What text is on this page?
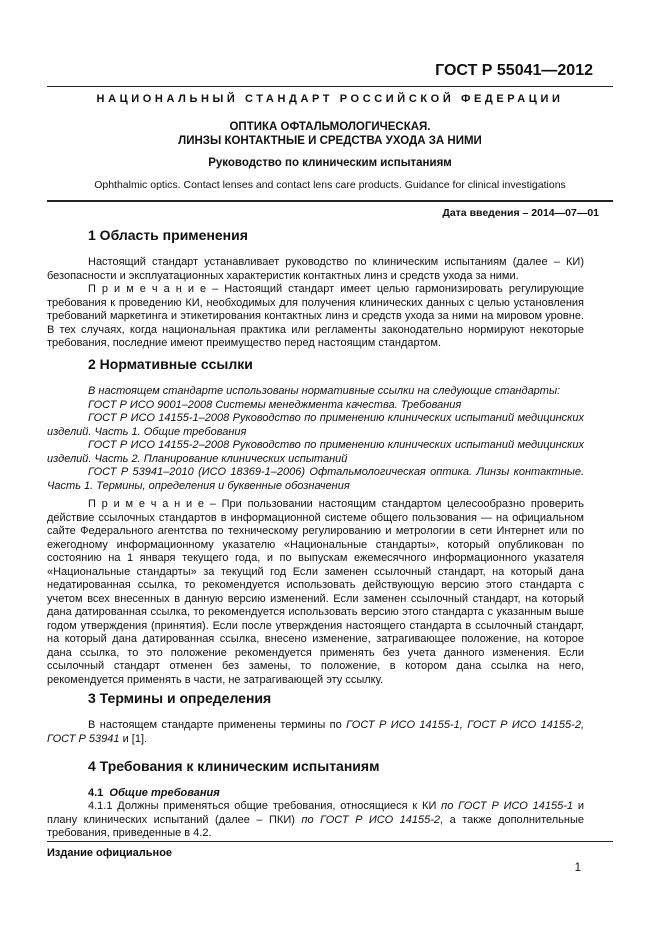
ГОСТ Р 55041—2012
НАЦИОНАЛЬНЫЙ СТАНДАРТ РОССИЙСКОЙ ФЕДЕРАЦИИ
ОПТИКА ОФТАЛЬМОЛОГИЧЕСКАЯ.
ЛИНЗЫ КОНТАКТНЫЕ И СРЕДСТВА УХОДА ЗА НИМИ
Руководство по клиническим испытаниям
Ophthalmic optics. Contact lenses and contact lens care products. Guidance for clinical investigations
Дата введения – 2014—07—01
1 Область применения

Настоящий стандарт устанавливает руководство по клиническим испытаниям (далее – КИ) безопасности и эксплуатационных характеристик контактных линз и средств ухода за ними.

П р и м е ч а н и е – Настоящий стандарт имеет целью гармонизировать регулирующие требования к проведению КИ, необходимых для получения клинических данных с целью установления требований маркетинга и этикетирования контактных линз и средств ухода за ними на мировом уровне. В тех случаях, когда национальная практика или регламенты законодательно нормируют некоторые требования, последние имеют преимущество перед настоящим стандартом.

2 Нормативные ссылки
В настоящем стандарте использованы нормативные ссылки на следующие стандарты:
ГОСТ Р ИСО 9001–2008 Системы менеджмента качества. Требования
ГОСТ Р ИСО 14155-1–2008 Руководство по применению клинических испытаний медицинских изделий. Часть 1. Общие требования
ГОСТ Р ИСО 14155-2–2008 Руководство по применению клинических испытаний медицинских изделий. Часть 2. Планирование клинических испытаний
ГОСТ Р 53941–2010 (ИСО 18369-1–2006) Офтальмологическая оптика. Линзы контактные. Часть 1. Термины, определения и буквенные обозначения

П р и м е ч а н и е – При пользовании настоящим стандартом целесообразно проверить действие ссылочных стандартов в информационной системе общего пользования — на официальном сайте Федерального агентства по техническому регулированию и метрологии в сети Интернет или по ежегодному информационному указателю «Национальные стандарты», который опубликован по состоянию на 1 января текущего года, и по выпускам ежемесячного информационного указателя «Национальные стандарты» за текущий год Если заменен ссылочный стандарт, на который дана недатированная ссылка, то рекомендуется использовать действующую версию этого стандарта с учетом всех внесенных в данную версию изменений. Если заменен ссылочный стандарт, на который дана датированная ссылка, то рекомендуется использовать версию этого стандарта с указанным выше годом утверждения (принятия). Если после утверждения настоящего стандарта в ссылочный стандарт, на который дана датированная ссылка, внесено изменение, затрагивающее положение, на которое дана ссылка, то это положение рекомендуется применять без учета данного изменения. Если ссылочный стандарт отменен без замены, то положение, в котором дана ссылка на него, рекомендуется применять в части, не затрагивающей эту ссылку.

3 Термины и определения

В настоящем стандарте применены термины по ГОСТ Р ИСО 14155-1, ГОСТ Р ИСО 14155-2, ГОСТ Р 53941 и [1].

4 Требования к клиническим испытаниям
4.1 Общие требования

4.1.1 Должны применяться общие требования, относящиеся к КИ по ГОСТ Р ИСО 14155-1 и плану клинических испытаний (далее – ПКИ) по ГОСТ Р ИСО 14155-2, а также дополнительные требования, приведенные в 4.2.

Издание официальное
1
